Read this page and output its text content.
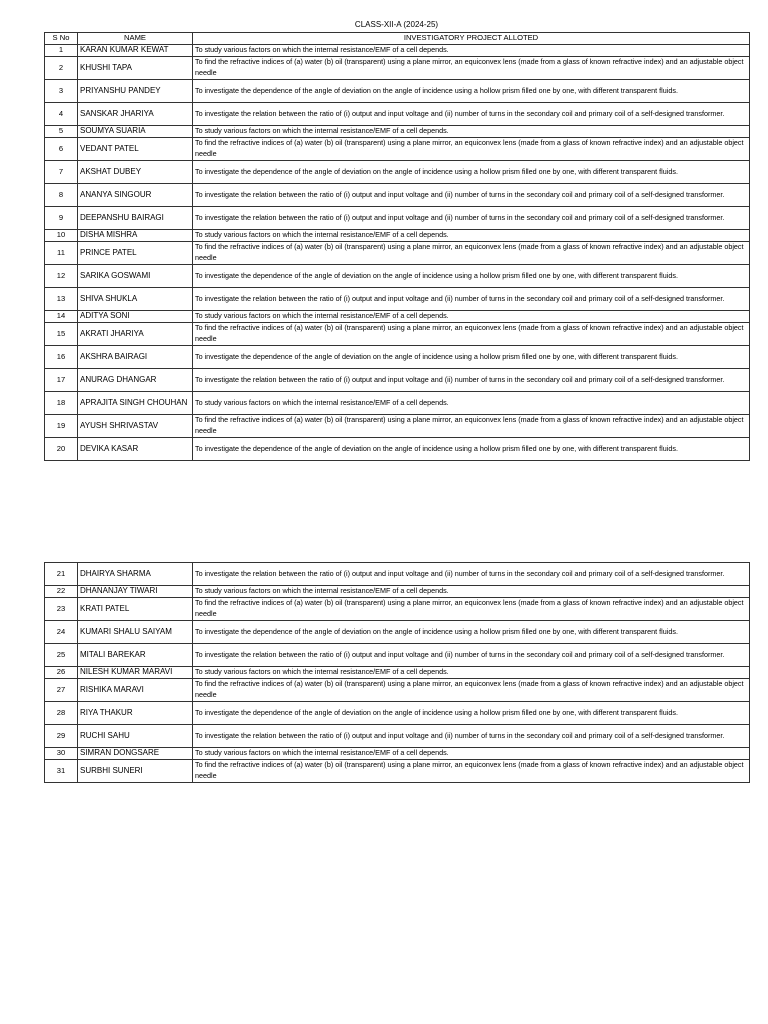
CLASS-XII-A (2024-25)
S No	NAME	INVESTIGATORY PROJECT ALLOTED
1	KARAN KUMAR KEWAT	To study various factors on which the internal resistance/EMF of a cell depends.
2	KHUSHI TAPA	To find the refractive indices of (a) water (b) oil (transparent) using a plane mirror, an equiconvex lens (made from a glass of known refractive index) and an adjustable object needle
3	PRIYANSHU PANDEY	To investigate the dependence of the angle of deviation on the angle of incidence using a hollow prism filled one by one, with different transparent fluids.
4	SANSKAR JHARIYA	To investigate the relation between the ratio of (i) output and input voltage and (ii) number of turns in the secondary coil and primary coil of a self-designed transformer.
5	SOUMYA SUARIA	To study various factors on which the internal resistance/EMF of a cell depends.
6	VEDANT PATEL	To find the refractive indices of (a) water (b) oil (transparent) using a plane mirror, an equiconvex lens (made from a glass of known refractive index) and an adjustable object needle
7	AKSHAT DUBEY	To investigate the dependence of the angle of deviation on the angle of incidence using a hollow prism filled one by one, with different transparent fluids.
8	ANANYA SINGOUR	To investigate the relation between the ratio of (i) output and input voltage and (ii) number of turns in the secondary coil and primary coil of a self-designed transformer.
9	DEEPANSHU BAIRAGI	To investigate the relation between the ratio of (i) output and input voltage and (ii) number of turns in the secondary coil and primary coil of a self-designed transformer.
10	DISHA MISHRA	To study various factors on which the internal resistance/EMF of a cell depends.
11	PRINCE PATEL	To find the refractive indices of (a) water (b) oil (transparent) using a plane mirror, an equiconvex lens (made from a glass of known refractive index) and an adjustable object needle
12	SARIKA GOSWAMI	To investigate the dependence of the angle of deviation on the angle of incidence using a hollow prism filled one by one, with different transparent fluids.
13	SHIVA SHUKLA	To investigate the relation between the ratio of (i) output and input voltage and (ii) number of turns in the secondary coil and primary coil of a self-designed transformer.
14	ADITYA SONI	To study various factors on which the internal resistance/EMF of a cell depends.
15	AKRATI JHARIYA	To find the refractive indices of (a) water (b) oil (transparent) using a plane mirror, an equiconvex lens (made from a glass of known refractive index) and an adjustable object needle
16	AKSHRA BAIRAGI	To investigate the dependence of the angle of deviation on the angle of incidence using a hollow prism filled one by one, with different transparent fluids.
17	ANURAG DHANGAR	To investigate the relation between the ratio of (i) output and input voltage and (ii) number of turns in the secondary coil and primary coil of a self-designed transformer.
18	APRAJITA SINGH CHOUHAN	To study various factors on which the internal resistance/EMF of a cell depends.
19	AYUSH SHRIVASTAV	To find the refractive indices of (a) water (b) oil (transparent) using a plane mirror, an equiconvex lens (made from a glass of known refractive index) and an adjustable object needle
20	DEVIKA KASAR	To investigate the dependence of the angle of deviation on the angle of incidence using a hollow prism filled one by one, with different transparent fluids.
21	DHAIRYA SHARMA	To investigate the relation between the ratio of (i) output and input voltage and (ii) number of turns in the secondary coil and primary coil of a self-designed transformer.
22	DHANANJAY TIWARI	To study various factors on which the internal resistance/EMF of a cell depends.
23	KRATI PATEL	To find the refractive indices of (a) water (b) oil (transparent) using a plane mirror, an equiconvex lens (made from a glass of known refractive index) and an adjustable object needle
24	KUMARI SHALU SAIYAM	To investigate the dependence of the angle of deviation on the angle of incidence using a hollow prism filled one by one, with different transparent fluids.
25	MITALI BAREKAR	To investigate the relation between the ratio of (i) output and input voltage and (ii) number of turns in the secondary coil and primary coil of a self-designed transformer.
26	NILESH KUMAR MARAVI	To study various factors on which the internal resistance/EMF of a cell depends.
27	RISHIKA MARAVI	To find the refractive indices of (a) water (b) oil (transparent) using a plane mirror, an equiconvex lens (made from a glass of known refractive index) and an adjustable object needle
28	RIYA THAKUR	To investigate the dependence of the angle of deviation on the angle of incidence using a hollow prism filled one by one, with different transparent fluids.
29	RUCHI SAHU	To investigate the relation between the ratio of (i) output and input voltage and (ii) number of turns in the secondary coil and primary coil of a self-designed transformer.
30	SIMRAN DONGSARE	To study various factors on which the internal resistance/EMF of a cell depends.
31	SURBHI SUNERI	To find the refractive indices of (a) water (b) oil (transparent) using a plane mirror, an equiconvex lens (made from a glass of known refractive index) and an adjustable object needle
